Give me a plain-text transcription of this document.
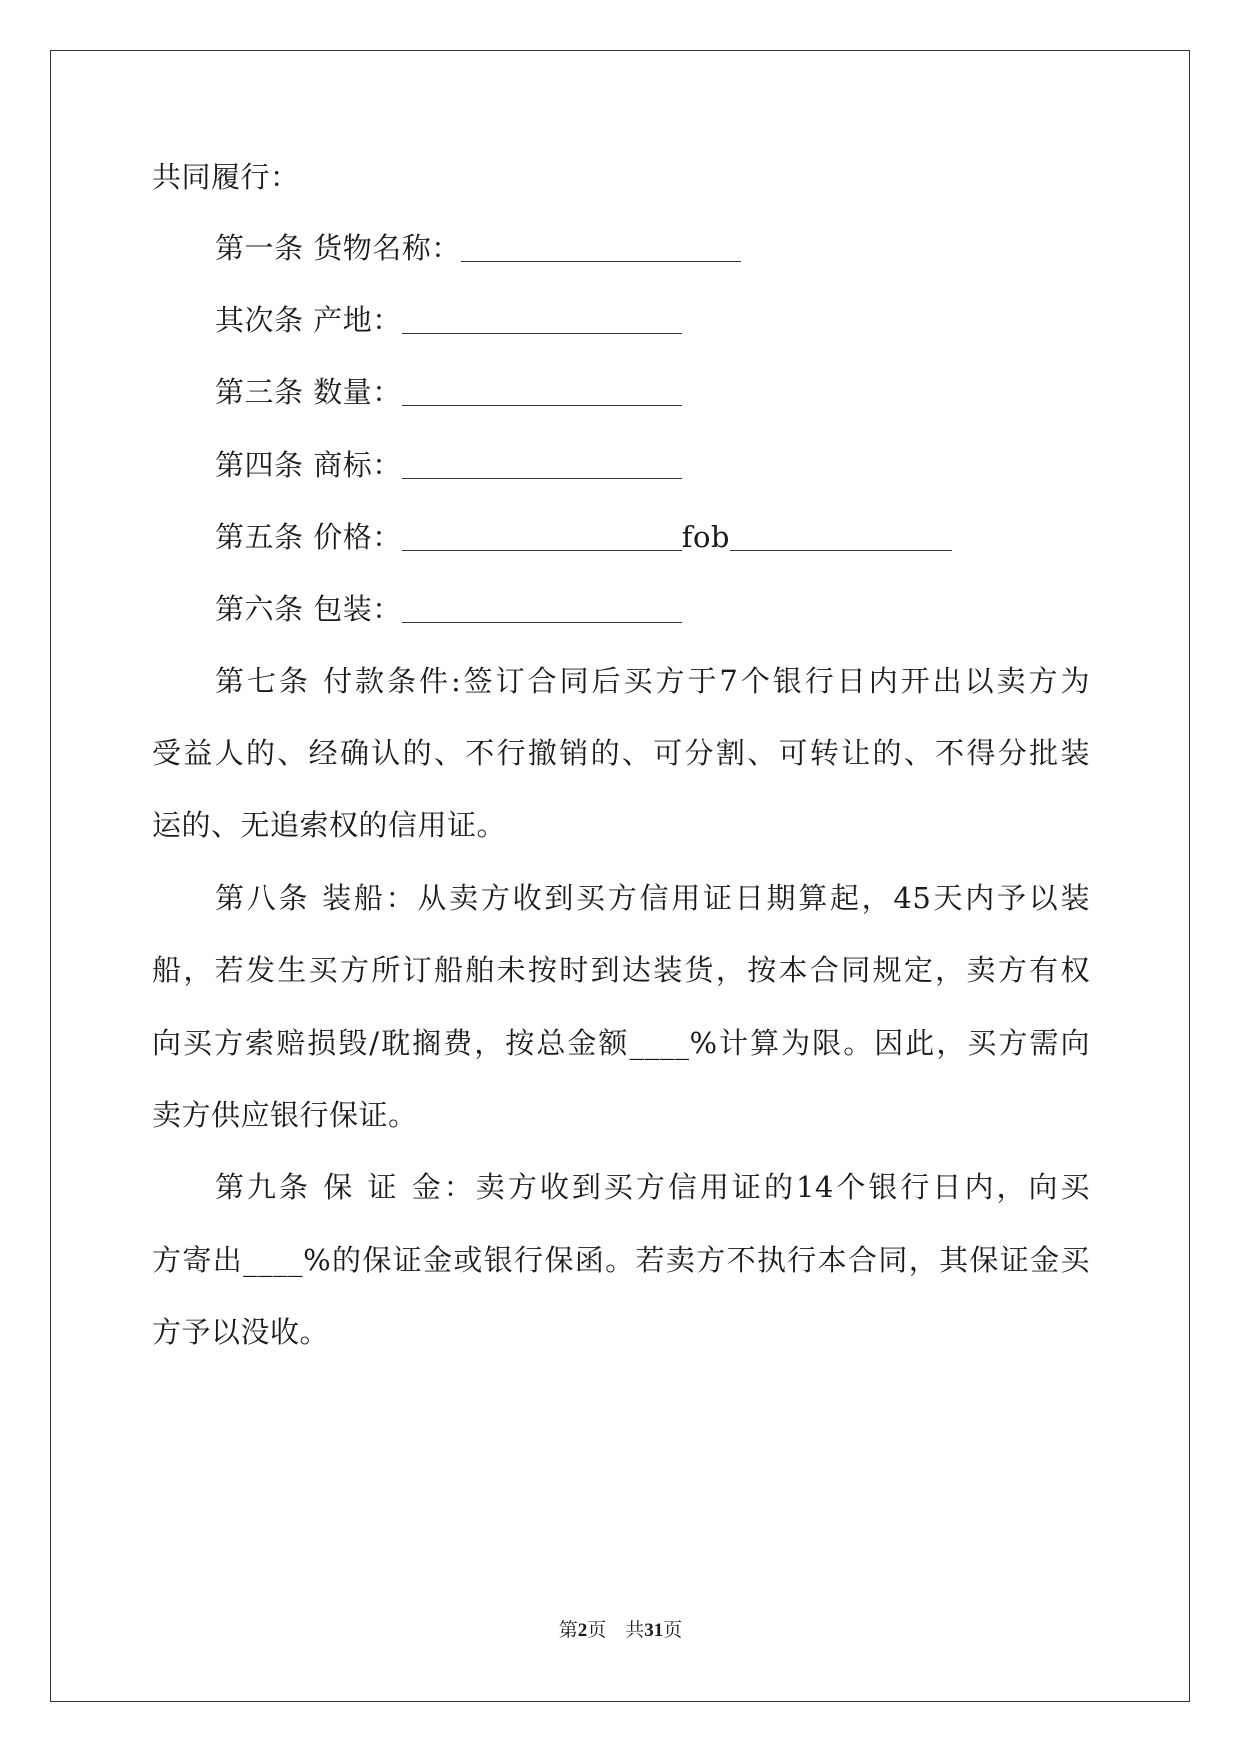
共同履行：
第一条 货物名称：
其次条 产地：
第三条 数量：
第四条 商标：
第五条 价格：	fob
第六条 包装：
第七条 付款条件:签订合同后买方于7个银行日内开出以卖方为
受益人的、经确认的、不行撤销的、可分割、可转让的、不得分批装
运的、无追索权的信用证。
第八条 装船：从卖方收到买方信用证日期算起，45天内予以装
船，若发生买方所订船舶未按时到达装货，按本合同规定，卖方有权
向买方索赔损毁/耽搁费，按总金额____%计算为限。因此，买方需向
卖方供应银行保证。
第九条 保 证 金：卖方收到买方信用证的14个银行日内，向买
方寄出____%的保证金或银行保函。若卖方不执行本合同，其保证金买
方予以没收。
第2页　共31页
